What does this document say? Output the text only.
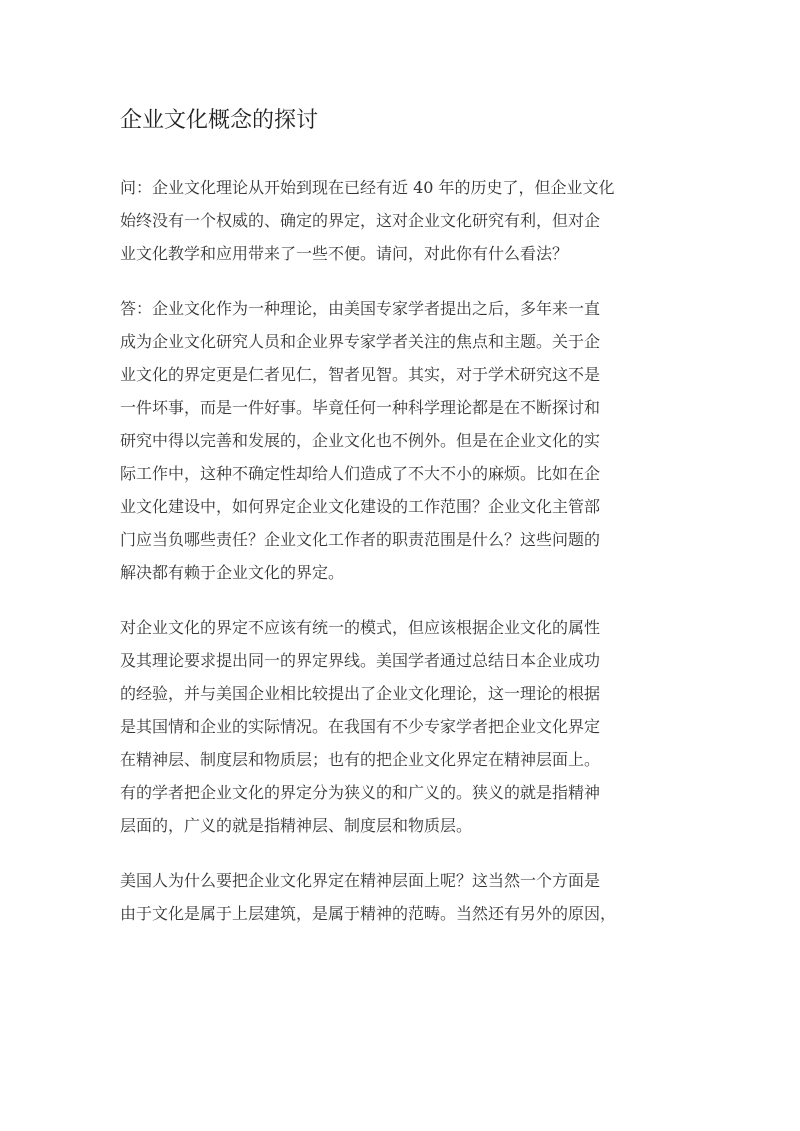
企业文化概念的探讨

问：企业文化理论从开始到现在已经有近 40 年的历史了，但企业文化
始终没有一个权威的、确定的界定，这对企业文化研究有利，但对企
业文化教学和应用带来了一些不便。请问，对此你有什么看法？

答：企业文化作为一种理论，由美国专家学者提出之后，多年来一直
成为企业文化研究人员和企业界专家学者关注的焦点和主题。关于企
业文化的界定更是仁者见仁，智者见智。其实，对于学术研究这不是
一件坏事，而是一件好事。毕竟任何一种科学理论都是在不断探讨和
研究中得以完善和发展的，企业文化也不例外。但是在企业文化的实
际工作中，这种不确定性却给人们造成了不大不小的麻烦。比如在企
业文化建设中，如何界定企业文化建设的工作范围？企业文化主管部
门应当负哪些责任？企业文化工作者的职责范围是什么？这些问题的
解决都有赖于企业文化的界定。

对企业文化的界定不应该有统一的模式，但应该根据企业文化的属性
及其理论要求提出同一的界定界线。美国学者通过总结日本企业成功
的经验，并与美国企业相比较提出了企业文化理论，这一理论的根据
是其国情和企业的实际情况。在我国有不少专家学者把企业文化界定
在精神层、制度层和物质层；也有的把企业文化界定在精神层面上。
有的学者把企业文化的界定分为狭义的和广义的。狭义的就是指精神
层面的，广义的就是指精神层、制度层和物质层。

美国人为什么要把企业文化界定在精神层面上呢？这当然一个方面是
由于文化是属于上层建筑，是属于精神的范畴。当然还有另外的原因，
